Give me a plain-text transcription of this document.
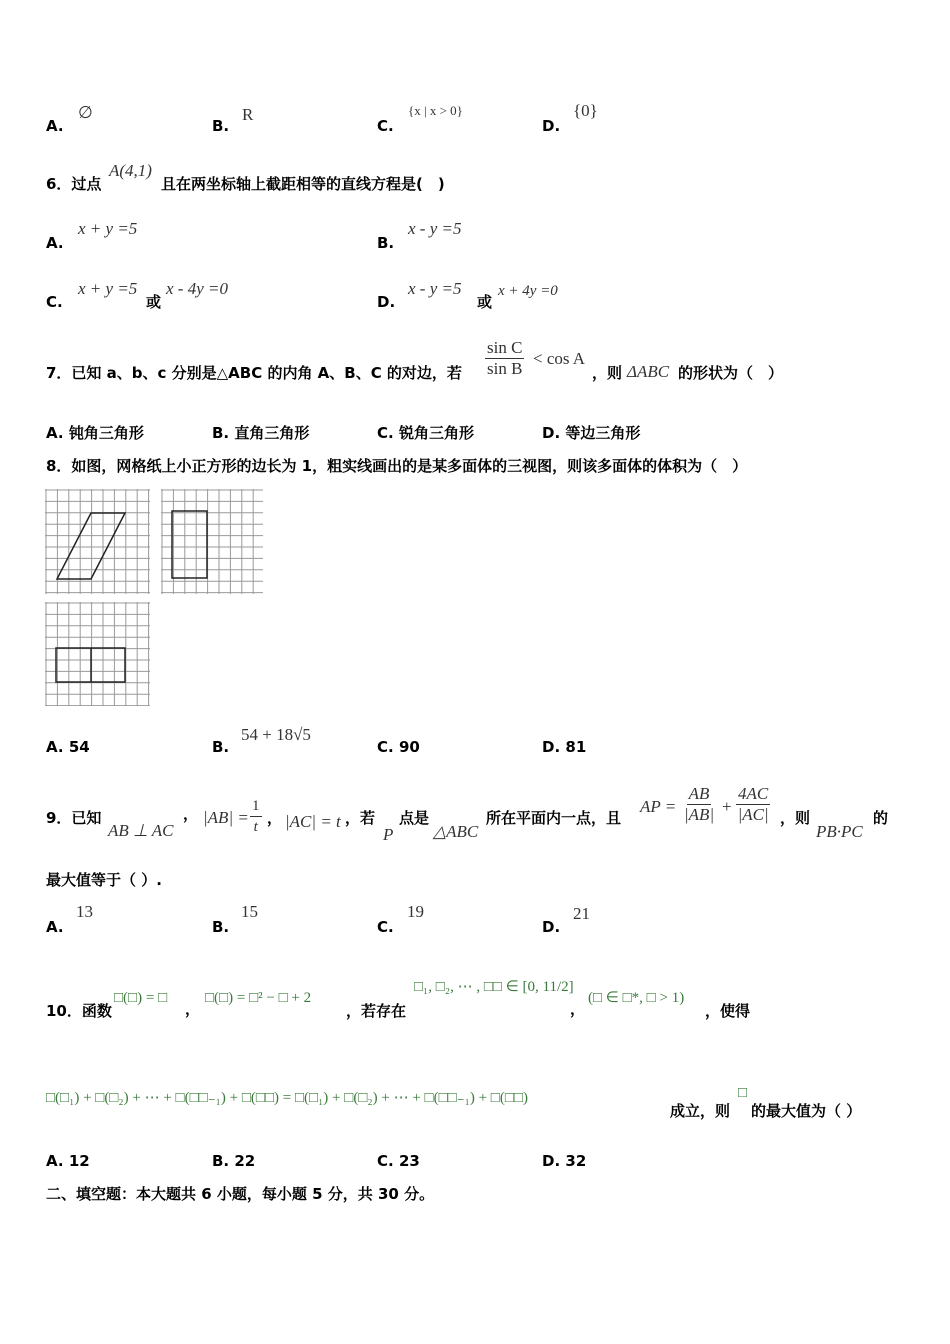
A.
∅
B.
R
C.
{x | x > 0}
D.
{0}
6．过点
A(4,1)
且在两坐标轴上截距相等的直线方程是(　)
A.
x + y =5
B.
x - y =5
C.
x + y =5
或
x - 4y =0
D.
x - y =5
或
x + 4y =0
7．已知 a、b、c 分别是△ABC 的内角 A、B、C 的对边，若 $\frac{\text{sin C}}{\text{sin B}} < \cos A$
，则 ΔABC 的形状为（　）
A. 钝角三角形	B. 直角三角形	C. 锐角三角形	D. 等边三角形
8．如图，网格纸上小正方形的边长为 1，粗实线画出的是某多面体的三视图，则该多面体的体积为（　）
A. 54	B.
54 + 18√5
C. 90	D. 81
9．已知
AB ⊥ AC
， $|AB| = \frac{1}{t}$ ， |AC| = t ，若
P
点是
△ABC
所在平面内一点，且
AP = $\frac{AB}{|AB|} + \frac{4AC}{|AC|}$ ，则
PB·PC
的
最大值等于（ ）.
A.
13
B.
15
C.
19
D.
21
10．函数
□(□) = □
，
□(□) = □² − □ + 2
，若存在
□₁, □₂, ⋯ , □□ ∈ [0, 11/2]
，
(□ ∈ □*, □ > 1)
，使得
□(□₁) + □(□₂) + ⋯ + □(□□₋₁) + □(□□) = □(□₁) + □(□₂) + ⋯ + □(□□₋₁) + □(□□)
成立，则
□
的最大值为（ ）
A. 12	B. 22	C. 23	D. 32
二、填空题：本大题共 6 小题，每小题 5 分，共 30 分。
